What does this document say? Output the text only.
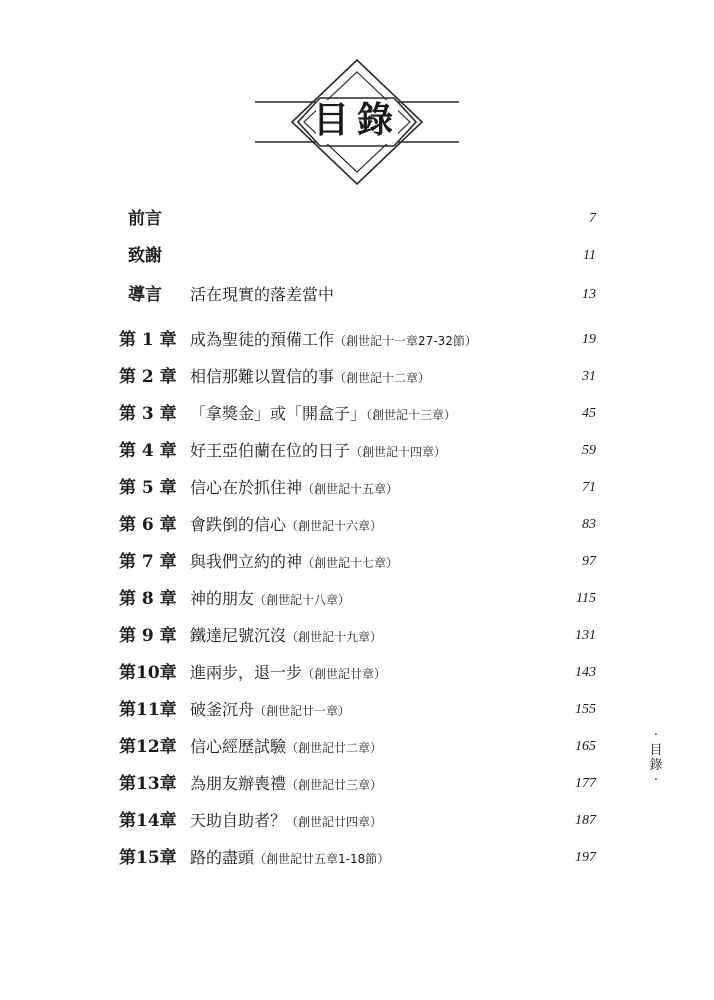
目錄
前言	7
致謝	11
導言 活在現實的落差當中	13
第 1 章 成為聖徒的預備工作（創世記十一章27-32節）	19
第 2 章 相信那難以置信的事（創世記十二章）	31
第 3 章 「拿獎金」或「開盒子」（創世記十三章）	45
第 4 章 好王亞伯蘭在位的日子（創世記十四章）	59
第 5 章 信心在於抓住神（創世記十五章）	71
第 6 章 會跌倒的信心（創世記十六章）	83
第 7 章 與我們立約的神（創世記十七章）	97
第 8 章 神的朋友（創世記十八章）	115
第 9 章 鐵達尼號沉沒（創世記十九章）	131
第10章 進兩步，退一步（創世記廿章）	143
第11章 破釜沉舟（創世記廿一章）	155
第12章 信心經歷試驗（創世記廿二章）	165
第13章 為朋友辦喪禮（創世記廿三章）	177
第14章 天助自助者？（創世記廿四章）	187
第15章 路的盡頭（創世記廿五章1-18節）	197
·
目
錄
·
